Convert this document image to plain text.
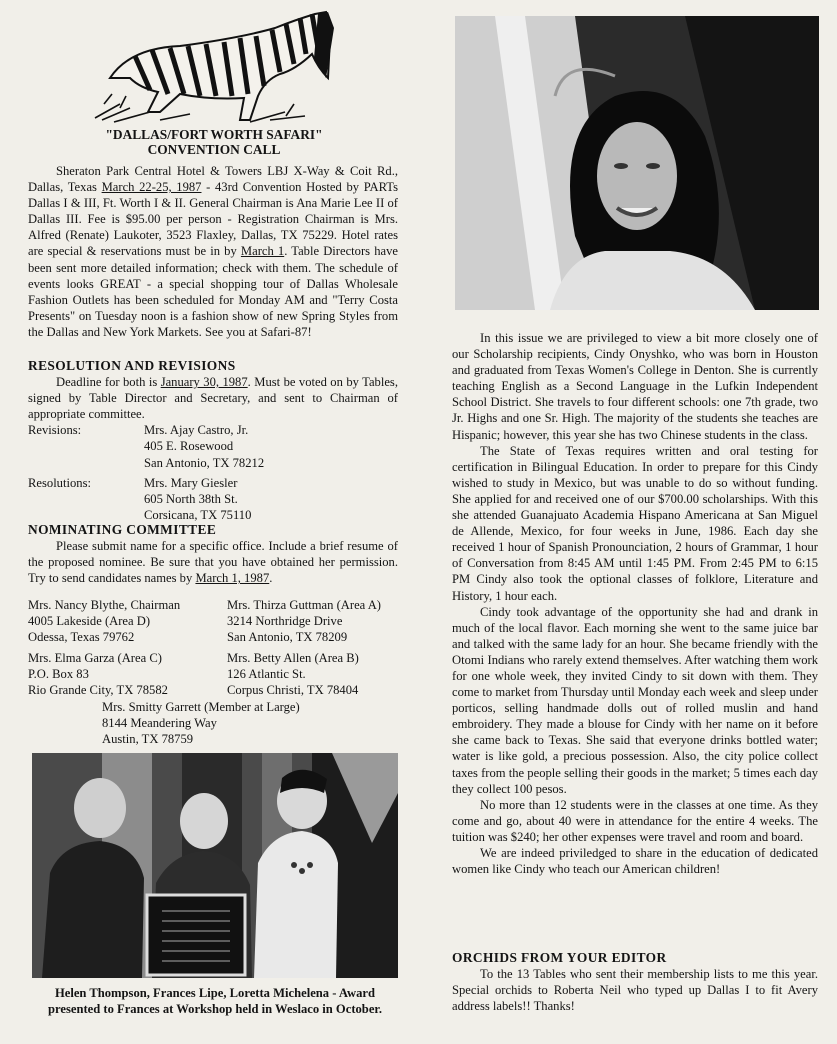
"DALLAS/FORT WORTH SAFARI"
CONVENTION CALL
Sheraton Park Central Hotel & Towers LBJ X-Way & Coit Rd., Dallas, Texas March 22-25, 1987 - 43rd Convention Hosted by PARTs Dallas I & III, Ft. Worth I & II. General Chairman is Ana Marie Lee II of Dallas III. Fee is $95.00 per person - Registration Chairman is Mrs. Alfred (Renate) Laukoter, 3523 Flaxley, Dallas, TX 75229. Hotel rates are special & reservations must be in by March 1. Table Directors have been sent more detailed information; check with them. The schedule of events looks GREAT - a special shopping tour of Dallas Wholesale Fashion Outlets has been scheduled for Monday AM and "Terry Costa Presents" on Tuesday noon is a fashion show of new Spring Styles from the Dallas and New York Markets. See you at Safari-87!
RESOLUTION AND REVISIONS

Deadline for both is January 30, 1987. Must be voted on by Tables, signed by Table Director and Secretary, and sent to Chairman of appropriate committee.

Revisions:	Mrs. Ajay Castro, Jr.
405 E. Rosewood
San Antonio, TX 78212
Resolutions:	Mrs. Mary Giesler
605 North 38th St.
Corsicana, TX 75110
NOMINATING COMMITTEE

Please submit name for a specific office. Include a brief resume of the proposed nominee. Be sure that you have obtained her permission. Try to send candidates names by March 1, 1987.

Mrs. Nancy Blythe, Chairman
4005 Lakeside (Area D)
Odessa, Texas 79762
Mrs. Thirza Guttman (Area A)
3214 Northridge Drive
San Antonio, TX 78209
Mrs. Elma Garza (Area C)
P.O. Box 83
Rio Grande City, TX 78582
Mrs. Betty Allen (Area B)
126 Atlantic St.
Corpus Christi, TX 78404
Mrs. Smitty Garrett (Member at Large)
8144 Meandering Way
Austin, TX 78759
Helen Thompson, Frances Lipe, Loretta Michelena - Award presented to Frances at Workshop held in Weslaco in October.

In this issue we are privileged to view a bit more closely one of our Scholarship recipients, Cindy Onyshko, who was born in Houston and graduated from Texas Women's College in Denton. She is currently teaching English as a Second Language in the Lufkin Independent School District. She travels to four different schools: one 7th grade, two Jr. Highs and one Sr. High. The majority of the students she teaches are Hispanic; however, this year she has two Chinese students in the class.

The State of Texas requires written and oral testing for certification in Bilingual Education. In order to prepare for this Cindy wished to study in Mexico, but was unable to do so without funding. She applied for and received one of our $700.00 scholarships. With this she attended Guanajuato Academia Hispano Americana at San Miguel de Allende, Mexico, for four weeks in June, 1986. Each day she received 1 hour of Spanish Pronounciation, 2 hours of Grammar, 1 hour of Conversation from 8:45 AM until 1:45 PM. From 2:45 PM to 6:15 PM Cindy also took the optional classes of folklore, Literature and History, 1 hour each.

Cindy took advantage of the opportunity she had and drank in much of the local flavor. Each morning she went to the same juice bar and talked with the same lady for an hour. She became friendly with the Otomi Indians who rarely extend themselves. After watching them work for one whole week, they invited Cindy to sit down with them. They come to market from Thursday until Monday each week and sleep under porticos, selling handmade dolls out of rolled muslin and hand embroidery. They made a blouse for Cindy with her name on it before she came back to Texas. She said that everyone drinks bottled water; water is like gold, a precious possession. Also, the city police collect taxes from the people selling their goods in the market; 5 times each day they collect 100 pesos.

No more than 12 students were in the classes at one time. As they come and go, about 40 were in attendance for the entire 4 weeks. The tuition was $240; her other expenses were travel and room and board.

We are indeed priviledged to share in the education of dedicated women like Cindy who teach our American children!

ORCHIDS FROM YOUR EDITOR

To the 13 Tables who sent their membership lists to me this year. Special orchids to Roberta Neil who typed up Dallas I to fit Avery address labels!! Thanks!
